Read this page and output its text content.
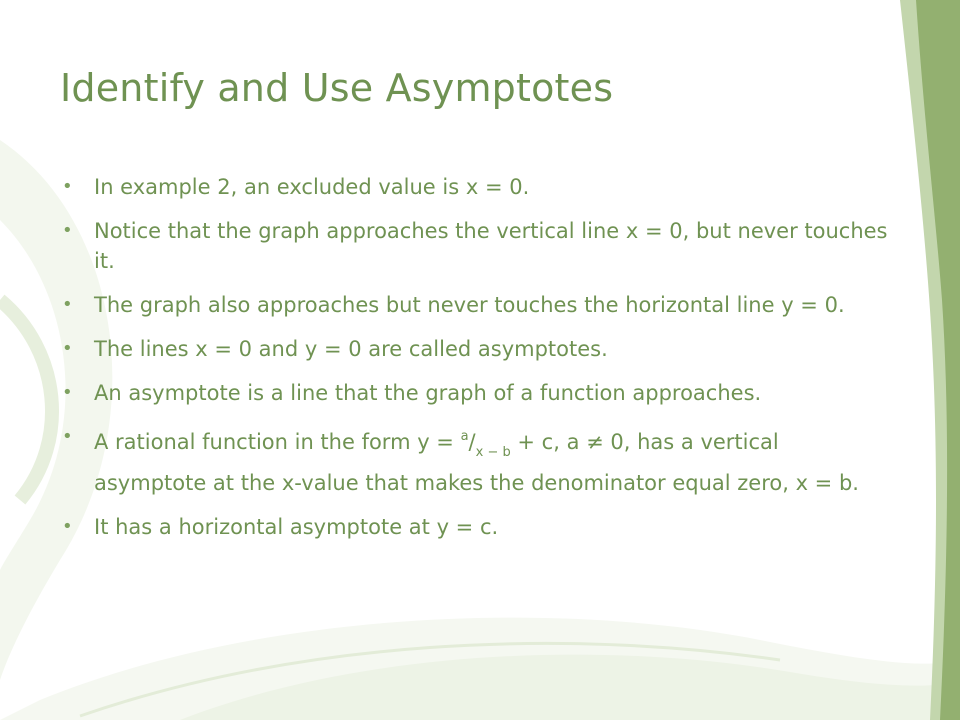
Identify and Use Asymptotes
• In example 2, an excluded value is x = 0.
• Notice that the graph approaches the vertical line x = 0, but never touches it.
• The graph also approaches but never touches the horizontal line y = 0.
• The lines x = 0 and y = 0 are called asymptotes.
• An asymptote is a line that the graph of a function approaches.
• A rational function in the form $y = ^a/_{x - b} + c$, a ≠ 0, has a vertical asymptote at the x-value that makes the denominator equal zero, x = b.
• It has a horizontal asymptote at y = c.
